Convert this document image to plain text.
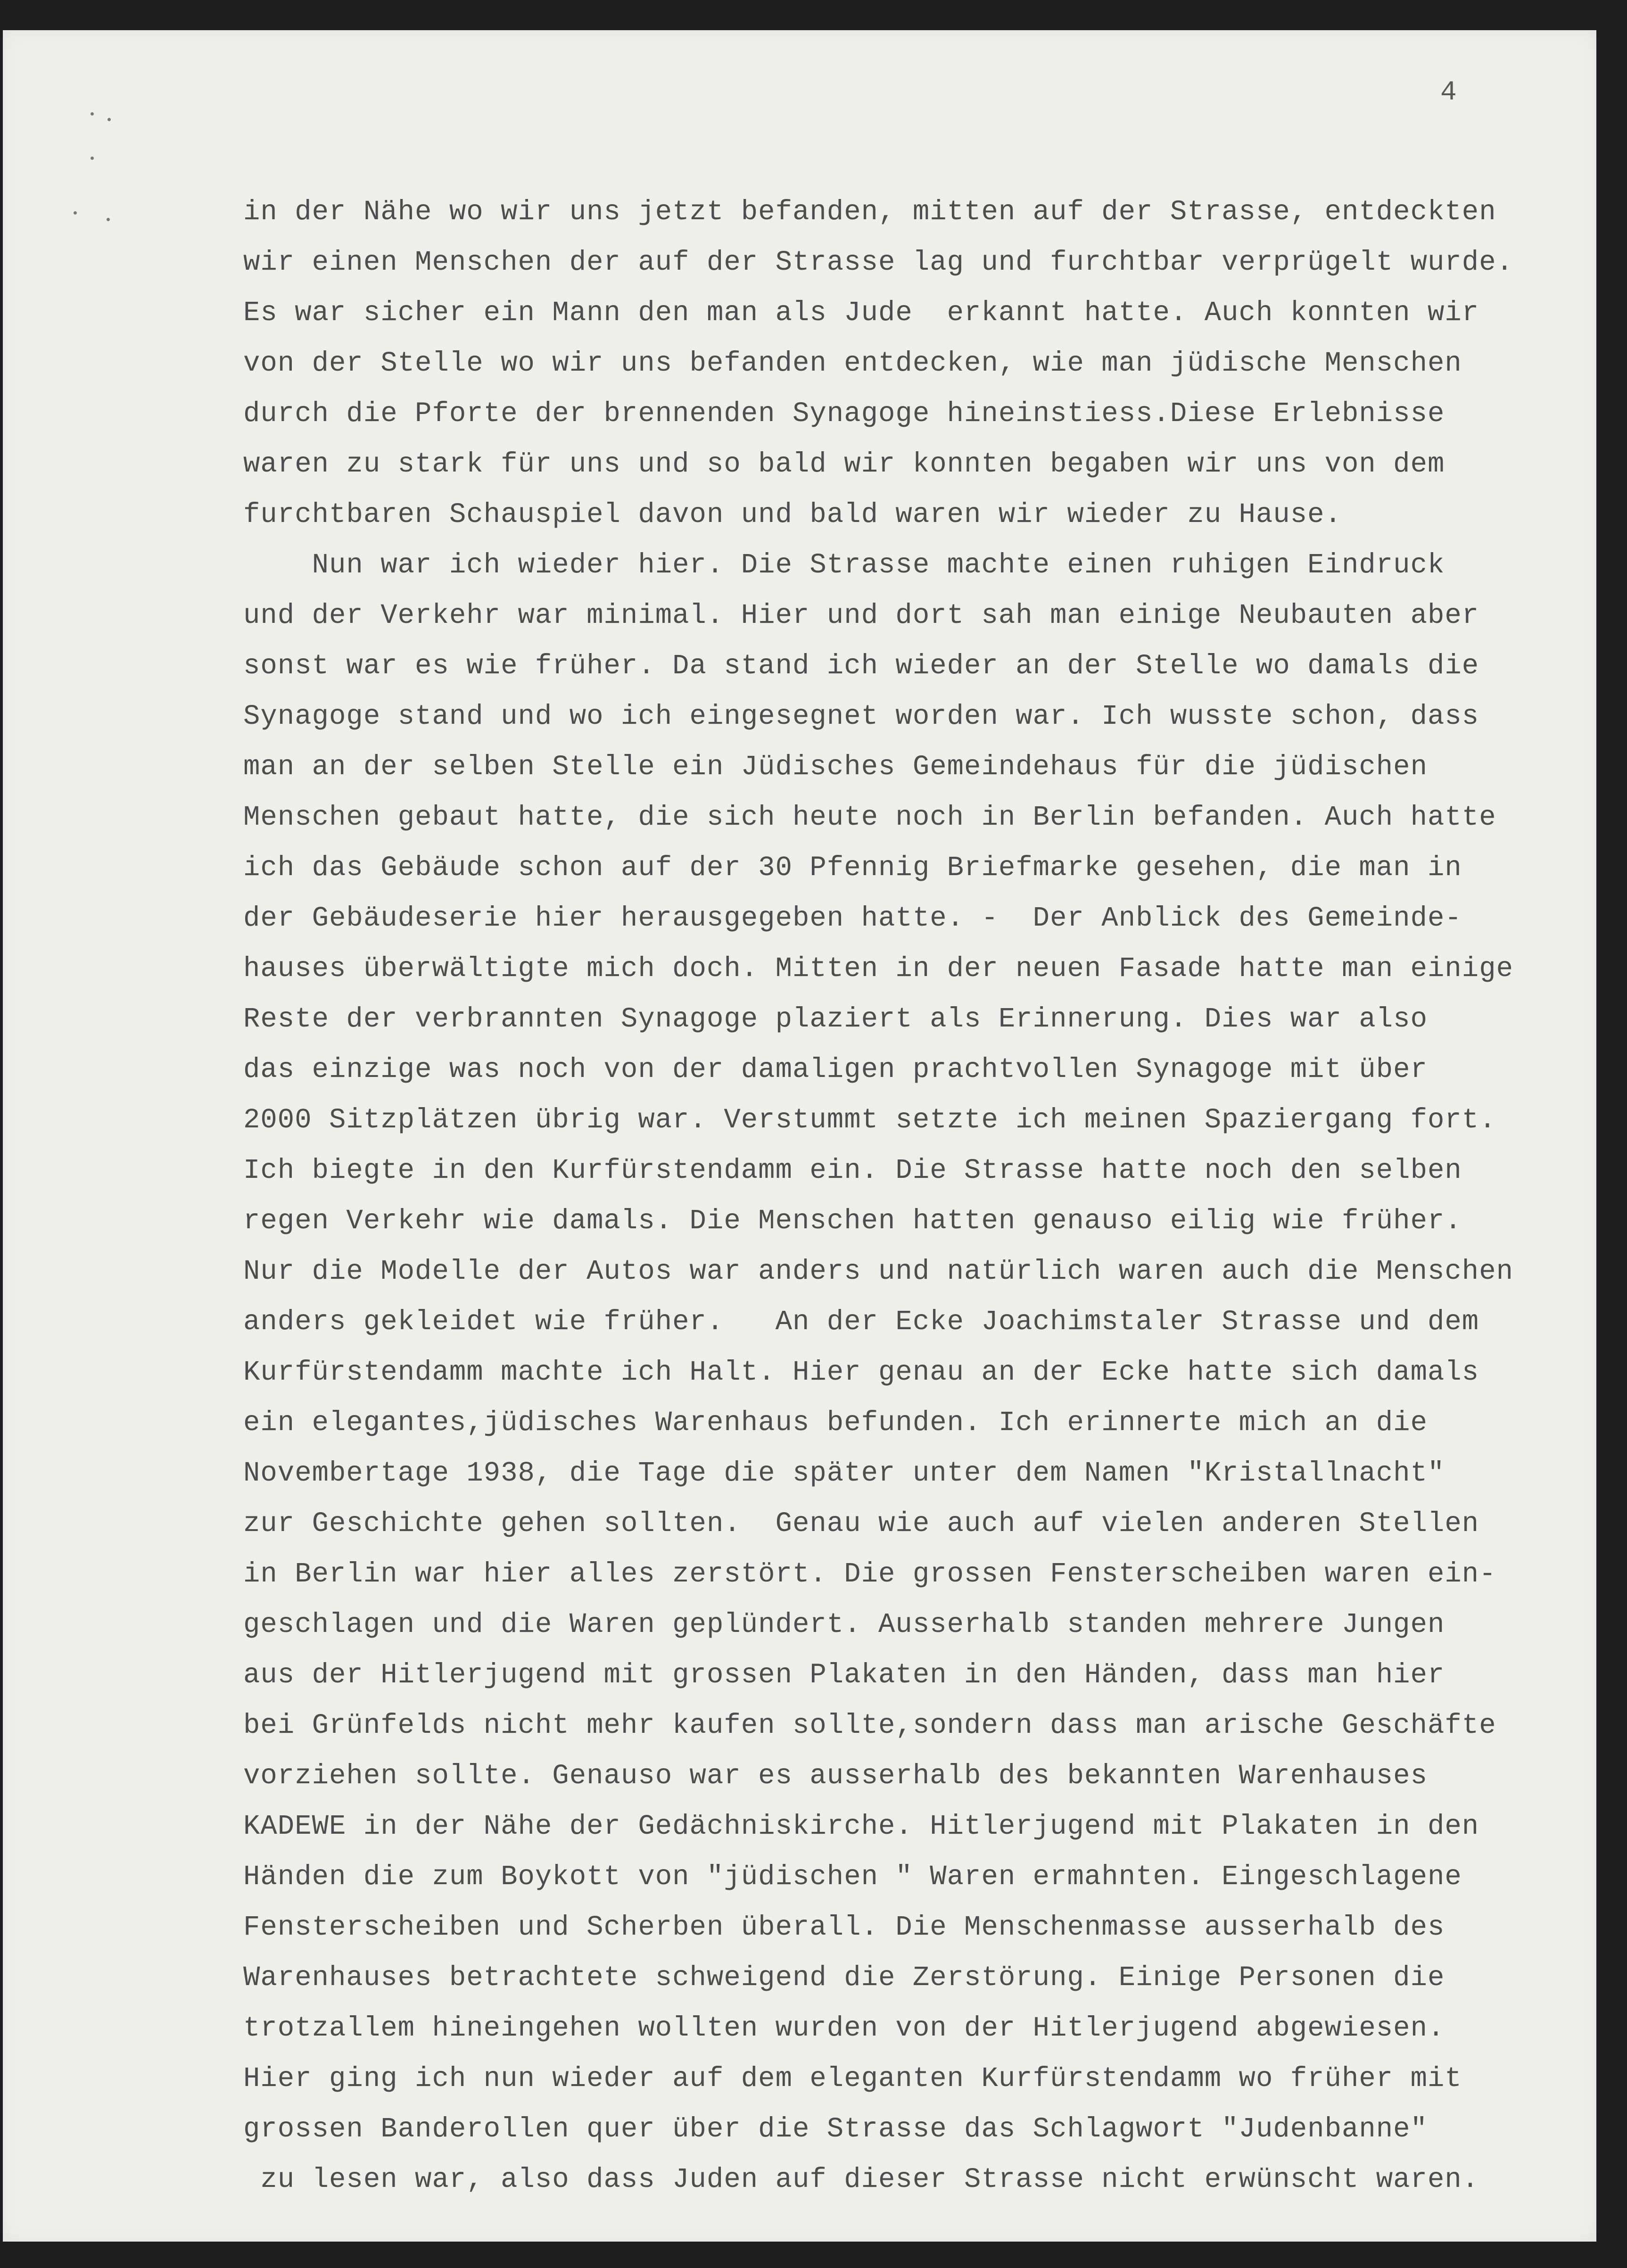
4

in der Nähe wo wir uns jetzt befanden, mitten auf der Strasse, entdeckten
wir einen Menschen der auf der Strasse lag und furchtbar verprügelt wurde.
Es war sicher ein Mann den man als Jude  erkannt hatte. Auch konnten wir
von der Stelle wo wir uns befanden entdecken, wie man jüdische Menschen
durch die Pforte der brennenden Synagoge hineinstiess.Diese Erlebnisse
waren zu stark für uns und so bald wir konnten begaben wir uns von dem
furchtbaren Schauspiel davon und bald waren wir wieder zu Hause.
Nun war ich wieder hier. Die Strasse machte einen ruhigen Eindruck
und der Verkehr war minimal. Hier und dort sah man einige Neubauten aber
sonst war es wie früher. Da stand ich wieder an der Stelle wo damals die
Synagoge stand und wo ich eingesegnet worden war. Ich wusste schon, dass
man an der selben Stelle ein Jüdisches Gemeindehaus für die jüdischen
Menschen gebaut hatte, die sich heute noch in Berlin befanden. Auch hatte
ich das Gebäude schon auf der 30 Pfennig Briefmarke gesehen, die man in
der Gebäudeserie hier herausgegeben hatte. -  Der Anblick des Gemeinde-
hauses überwältigte mich doch. Mitten in der neuen Fasade hatte man einige
Reste der verbrannten Synagoge plaziert als Erinnerung. Dies war also
das einzige was noch von der damaligen prachtvollen Synagoge mit über
2000 Sitzplätzen übrig war. Verstummt setzte ich meinen Spaziergang fort.
Ich biegte in den Kurfürstendamm ein. Die Strasse hatte noch den selben
regen Verkehr wie damals. Die Menschen hatten genauso eilig wie früher.
Nur die Modelle der Autos war anders und natürlich waren auch die Menschen
anders gekleidet wie früher.   An der Ecke Joachimstaler Strasse und dem
Kurfürstendamm machte ich Halt. Hier genau an der Ecke hatte sich damals
ein elegantes,jüdisches Warenhaus befunden. Ich erinnerte mich an die
Novembertage 1938, die Tage die später unter dem Namen "Kristallnacht"
zur Geschichte gehen sollten.  Genau wie auch auf vielen anderen Stellen
in Berlin war hier alles zerstört. Die grossen Fensterscheiben waren ein-
geschlagen und die Waren geplündert. Ausserhalb standen mehrere Jungen
aus der Hitlerjugend mit grossen Plakaten in den Händen, dass man hier
bei Grünfelds nicht mehr kaufen sollte,sondern dass man arische Geschäfte
vorziehen sollte. Genauso war es ausserhalb des bekannten Warenhauses
KADEWE in der Nähe der Gedächniskirche. Hitlerjugend mit Plakaten in den
Händen die zum Boykott von "jüdischen " Waren ermahnten. Eingeschlagene
Fensterscheiben und Scherben überall. Die Menschenmasse ausserhalb des
Warenhauses betrachtete schweigend die Zerstörung. Einige Personen die
trotzallem hineingehen wollten wurden von der Hitlerjugend abgewiesen.
Hier ging ich nun wieder auf dem eleganten Kurfürstendamm wo früher mit
grossen Banderollen quer über die Strasse das Schlagwort "Judenbanne"
zu lesen war, also dass Juden auf dieser Strasse nicht erwünscht waren.
